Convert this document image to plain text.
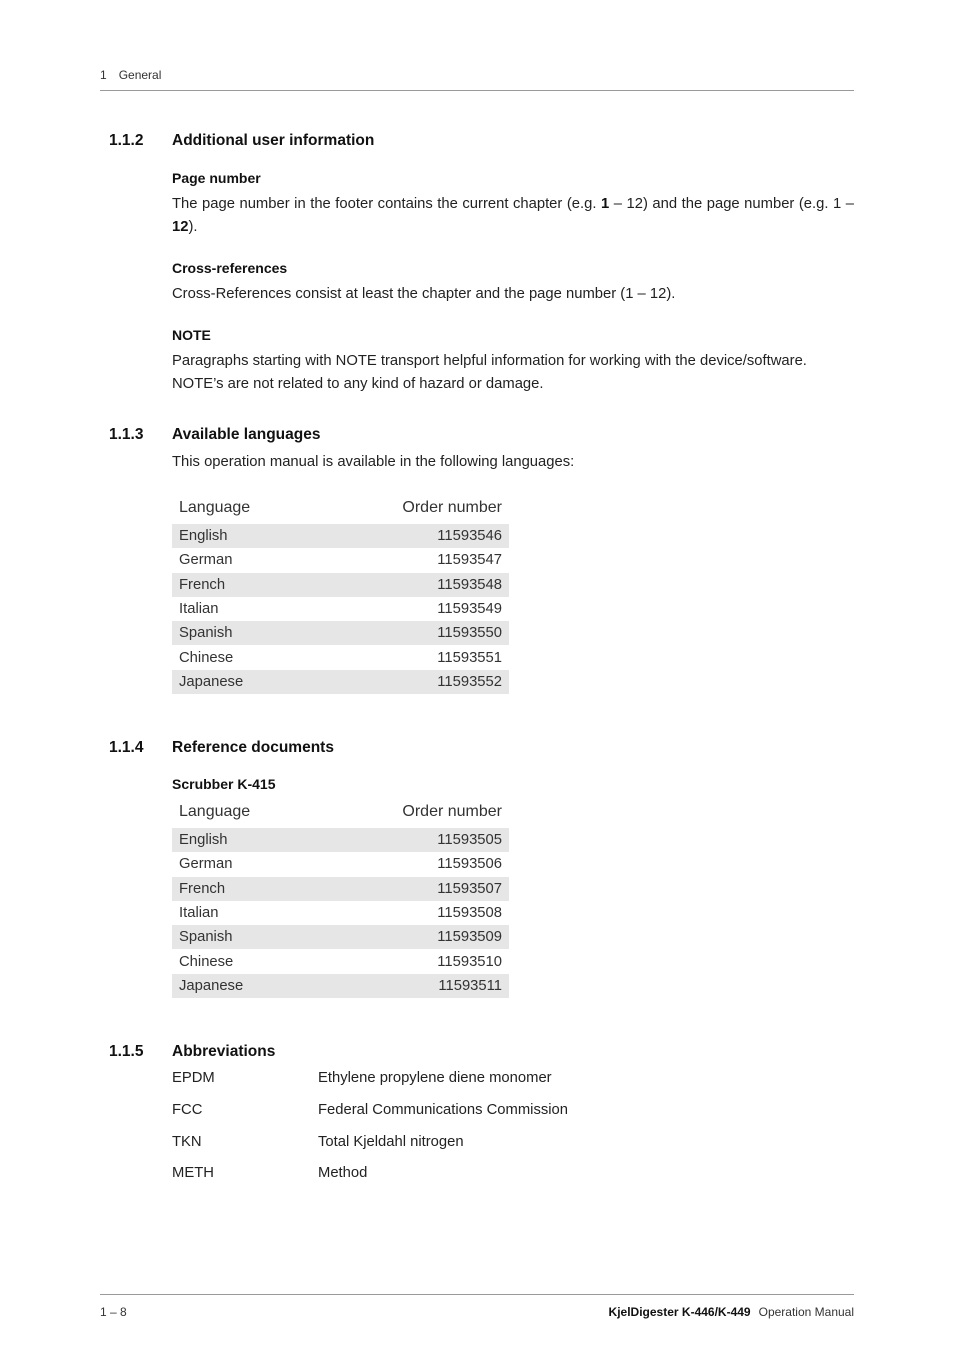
1 General
1.1.2 Additional user information
Page number
The page number in the footer contains the current chapter (e.g. 1 – 12) and the page number (e.g. 1 – 12).
Cross-references
Cross-References consist at least the chapter and the page number (1 – 12).
NOTE
Paragraphs starting with NOTE transport helpful information for working with the device/software.
NOTE’s are not related to any kind of hazard or damage.
1.1.3 Available languages
This operation manual is available in the following languages:
Language	Order number
English	11593546
German	11593547
French	11593548
Italian	11593549
Spanish	11593550
Chinese	11593551
Japanese	11593552
1.1.4 Reference documents
Scrubber K-415
Language	Order number
English	11593505
German	11593506
French	11593507
Italian	11593508
Spanish	11593509
Chinese	11593510
Japanese	11593511
1.1.5 Abbreviations
EPDM	Ethylene propylene diene monomer
FCC	Federal Communications Commission
TKN	Total Kjeldahl nitrogen
METH	Method
1 – 8	KjelDigester K-446/K-449 Operation Manual
